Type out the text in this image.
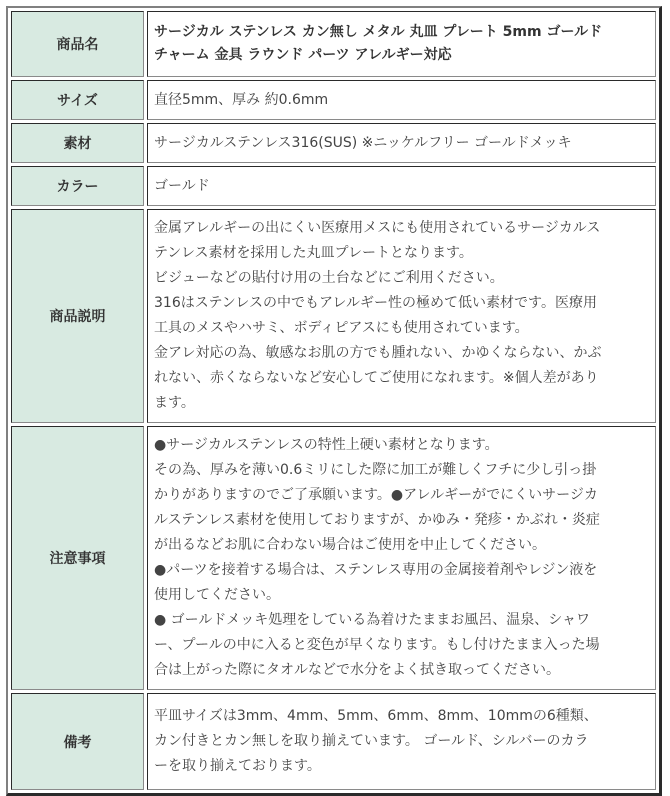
商品名	サージカル ステンレス カン無し メタル 丸皿 プレート 5mm ゴールド
チャーム 金具 ラウンド パーツ アレルギー対応

サイズ	直径5mm、厚み 約0.6mm

素材	サージカルステンレス316(SUS) ※ニッケルフリー ゴールドメッキ

カラー	ゴールド

商品説明	
金属アレルギーの出にくい医療用メスにも使用されているサージカルス
テンレス素材を採用した丸皿プレートとなります。
ビジューなどの貼付け用の土台などにご利用ください。
316はステンレスの中でもアレルギー性の極めて低い素材です。医療用
工具のメスやハサミ、ボディピアスにも使用されています。
金アレ対応の為、敏感なお肌の方でも腫れない、かゆくならない、かぶ
れない、赤くならないなど安心してご使用になれます。※個人差があり
ます。

注意事項	
●サージカルステンレスの特性上硬い素材となります。
その為、厚みを薄い0.6ミリにした際に加工が難しくフチに少し引っ掛
かりがありますのでご了承願います。●アレルギーがでにくいサージカ
ルステンレス素材を使用しておりますが、かゆみ・発疹・かぶれ・炎症
が出るなどお肌に合わない場合はご使用を中止してください。
●パーツを接着する場合は、ステンレス専用の金属接着剤やレジン液を
使用してください。
● ゴールドメッキ処理をしている為着けたままお風呂、温泉、シャワ
ー、プールの中に入ると変色が早くなります。もし付けたまま入った場
合は上がった際にタオルなどで水分をよく拭き取ってください。

備考	平皿サイズは3mm、4mm、5mm、6mm、8mm、10mmの6種類、
カン付きとカン無しを取り揃えています。 ゴールド、シルバーのカラ
ーを取り揃えております。
